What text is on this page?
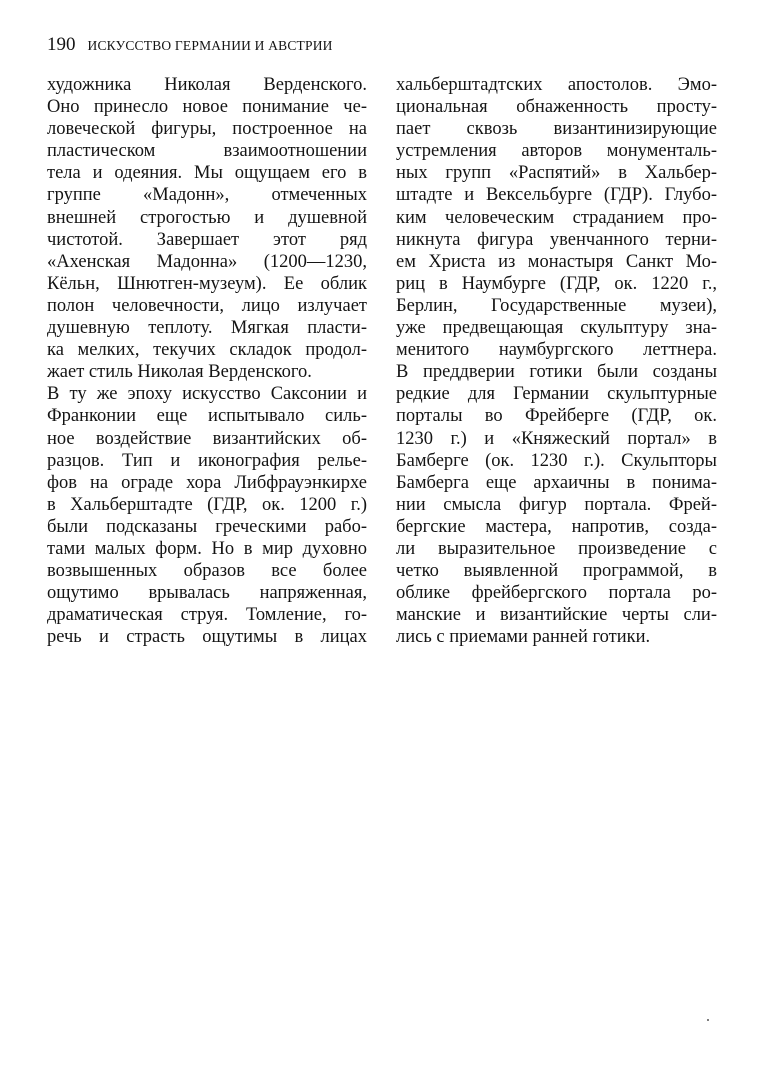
190 ИСКУССТВО ГЕРМАНИИ И АВСТРИИ
художника Николая Верденского.
Оно принесло новое понимание че-
ловеческой фигуры, построенное на
пластическом взаимоотношении
тела и одеяния. Мы ощущаем его в
группе «Мадонн», отмеченных
внешней строгостью и душевной
чистотой. Завершает этот ряд
«Ахенская Мадонна» (1200—1230,
Кёльн, Шнютген-музеум). Ее облик
полон человечности, лицо излучает
душевную теплоту. Мягкая пласти-
ка мелких, текучих складок продол-
жает стиль Николая Верденского.
В ту же эпоху искусство Саксонии и
Франконии еще испытывало силь-
ное воздействие византийских об-
разцов. Тип и иконография релье-
фов на ограде хора Либфрауэнкирхе
в Хальберштадте (ГДР, ок. 1200 г.)
были подсказаны греческими рабо-
тами малых форм. Но в мир духовно
возвышенных образов все более
ощутимо врывалась напряженная,
драматическая струя. Томление, го-
речь и страсть ощутимы в лицах
хальберштадтских апостолов. Эмо-
циональная обнаженность просту-
пает сквозь византинизирующие
устремления авторов монументаль-
ных групп «Распятий» в Хальбер-
штадте и Вексельбурге (ГДР). Глубо-
ким человеческим страданием про-
никнута фигура увенчанного терни-
ем Христа из монастыря Санкт Мо-
риц в Наумбурге (ГДР, ок. 1220 г.,
Берлин, Государственные музеи),
уже предвещающая скульптуру зна-
менитого наумбургского леттнера.
В преддверии готики были созданы
редкие для Германии скульптурные
порталы во Фрейберге (ГДР, ок.
1230 г.) и «Княжеский портал» в
Бамберге (ок. 1230 г.). Скульпторы
Бамберга еще архаичны в понима-
нии смысла фигур портала. Фрей-
бергские мастера, напротив, созда-
ли выразительное произведение с
четко выявленной программой, в
облике фрейбергского портала ро-
манские и византийские черты сли-
лись с приемами ранней готики.
